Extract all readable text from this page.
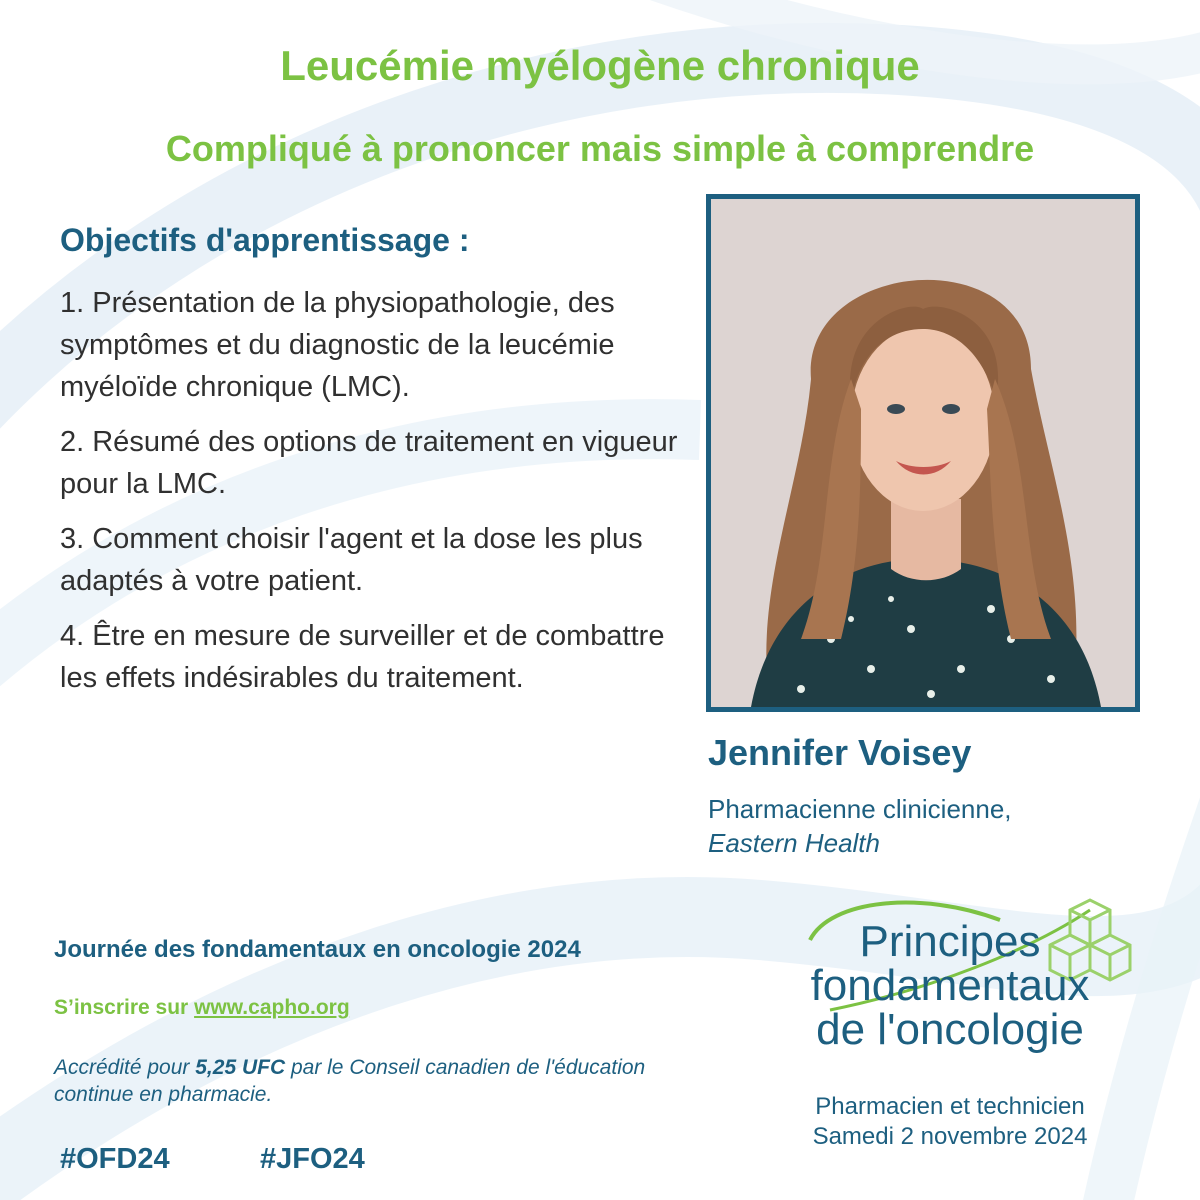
Leucémie myélogène chronique
Compliqué à prononcer mais simple à comprendre
Objectifs d'apprentissage :
1. Présentation de la physiopathologie, des symptômes et du diagnostic de la leucémie myéloïde chronique (LMC).
2. Résumé des options de traitement en vigueur pour la LMC.
3. Comment choisir l'agent et la dose les plus adaptés à votre patient.
4. Être en mesure de surveiller et de combattre les effets indésirables du traitement.

Jennifer Voisey

Pharmacienne clinicienne,

Eastern Health

Journée des fondamentaux en oncologie 2024

S’inscrire sur www.capho.org

Accrédité pour 5,25 UFC par le Conseil canadien de l'éducation continue en pharmacie.

#OFD24	#JFO24

Principes
fondamentaux
de l'oncologie

Pharmacien et technicien
Samedi 2 novembre 2024
